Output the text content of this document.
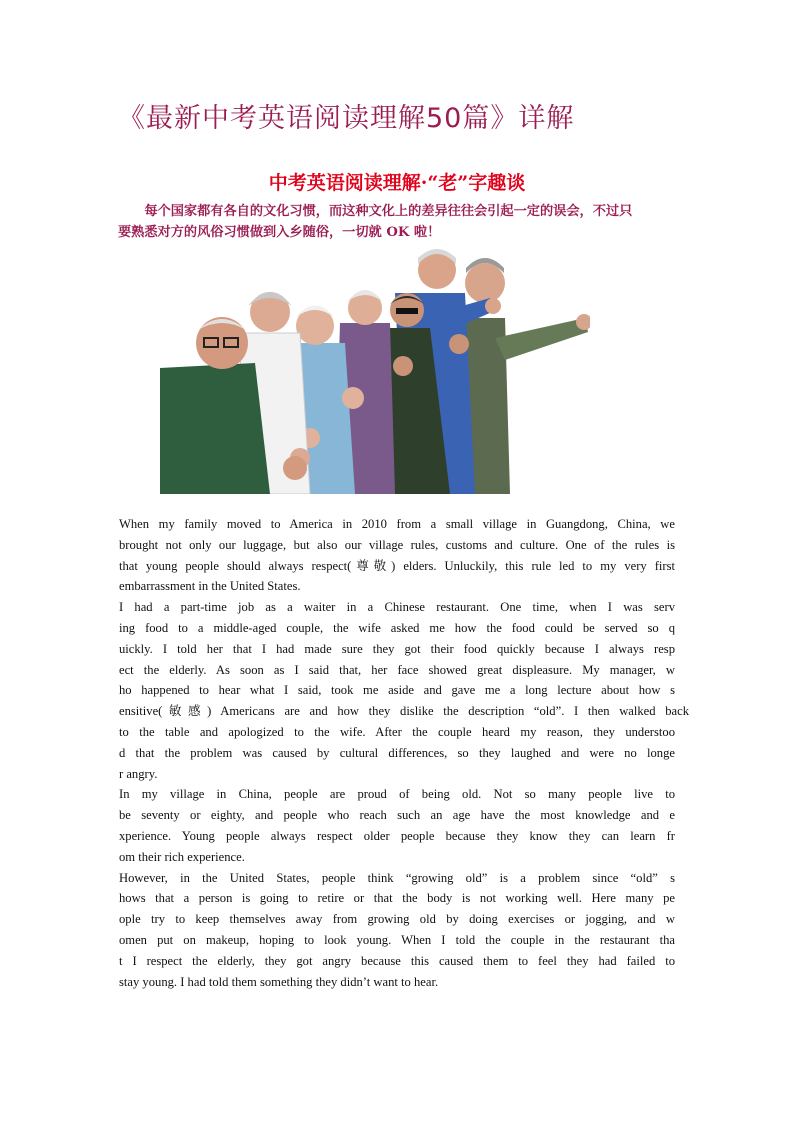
《最新中考英语阅读理解50篇》详解
中考英语阅读理解·“老”字趣谈
　　每个国家都有各自的文化习惯，而这种文化上的差异往往会引起一定的误会，不过只
要熟悉对方的风俗习惯做到入乡随俗，一切就 OK 啦！
When my family moved to America in 2010 from a small village in Guangdong, China, we
brought not only our luggage, but also our village rules, customs and culture. One of the rules is
that young people should always respect(尊敬) elders. Unluckily, this rule led to my very first
embarrassment in the United States.
I had a part-time job as a waiter in a Chinese restaurant. One time, when I was serv
ing food to a middle-aged couple, the wife asked me how the food could be served so q
uickly. I told her that I had made sure they got their food quickly because I always resp
ect the elderly. As soon as I said that, her face showed great displeasure. My manager, w
ho happened to hear what I said, took me aside and gave me a long lecture about how s
ensitive(敏感) Americans are and how they dislike the description “old”. I then walked back
to the table and apologized to the wife. After the couple heard my reason, they understoo
d that the problem was caused by cultural differences, so they laughed and were no longe
r angry.
In my village in China, people are proud of being old. Not so many people live to
be seventy or eighty, and people who reach such an age have the most knowledge and e
xperience. Young people always respect older people because they know they can learn fr
om their rich experience.
However, in the United States, people think “growing old” is a problem since “old” s
hows that a person is going to retire or that the body is not working well. Here many pe
ople try to keep themselves away from growing old by doing exercises or jogging, and w
omen put on makeup, hoping to look young. When I told the couple in the restaurant tha
t I respect the elderly, they got angry because this caused them to feel they had failed to
stay young. I had told them something they didn’t want to hear.
